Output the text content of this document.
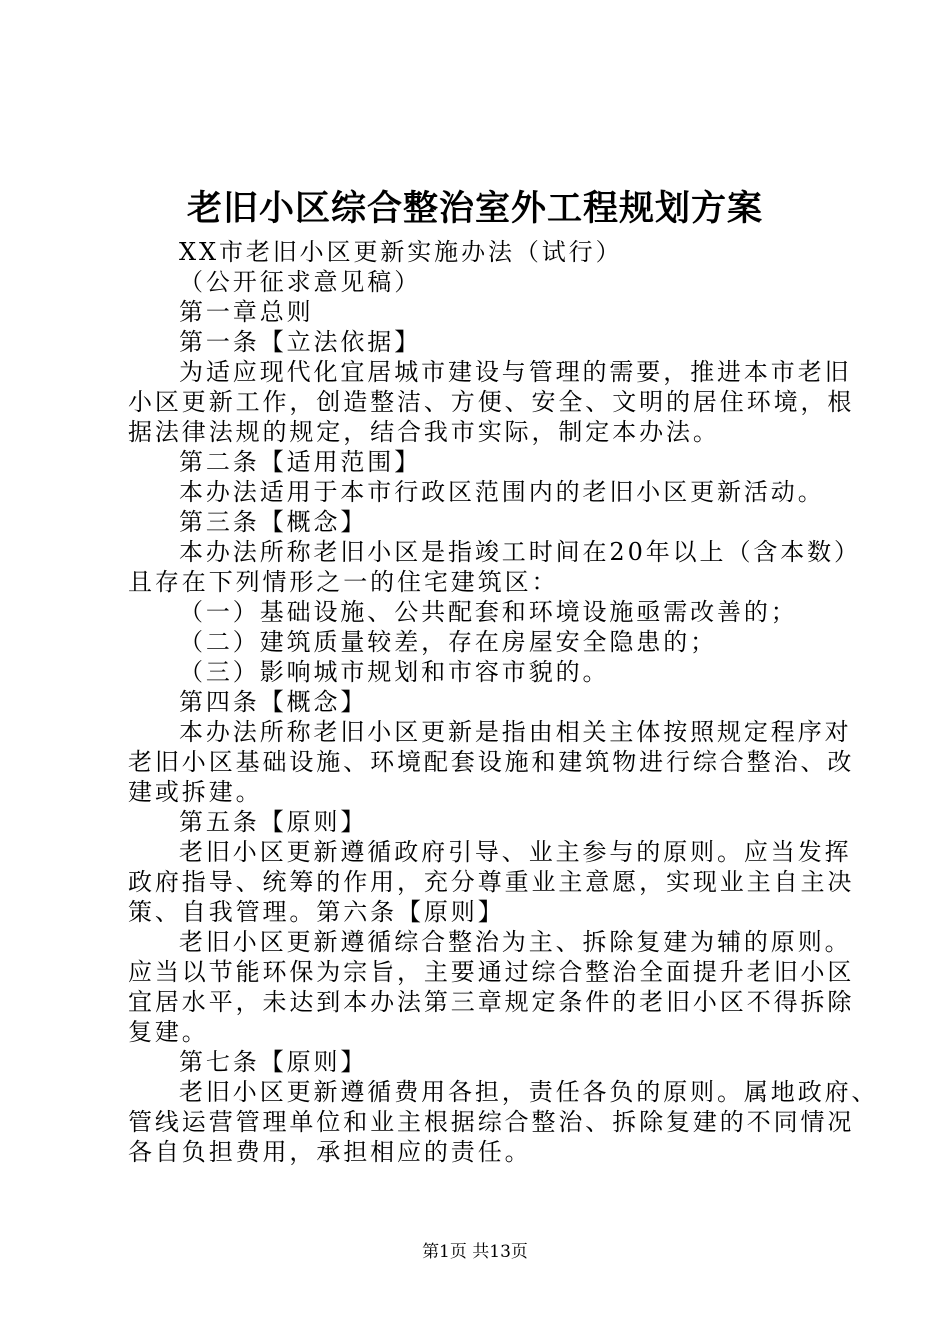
老旧小区综合整治室外工程规划方案
XX市老旧小区更新实施办法（试行）
（公开征求意见稿）
第一章总则
第一条【立法依据】
为适应现代化宜居城市建设与管理的需要，推进本市老旧
小区更新工作，创造整洁、方便、安全、文明的居住环境，根
据法律法规的规定，结合我市实际，制定本办法。
第二条【适用范围】
本办法适用于本市行政区范围内的老旧小区更新活动。
第三条【概念】
本办法所称老旧小区是指竣工时间在20年以上（含本数）
且存在下列情形之一的住宅建筑区：
（一）基础设施、公共配套和环境设施亟需改善的；
（二）建筑质量较差，存在房屋安全隐患的；
（三）影响城市规划和市容市貌的。
第四条【概念】
本办法所称老旧小区更新是指由相关主体按照规定程序对
老旧小区基础设施、环境配套设施和建筑物进行综合整治、改
建或拆建。
第五条【原则】
老旧小区更新遵循政府引导、业主参与的原则。应当发挥
政府指导、统筹的作用，充分尊重业主意愿，实现业主自主决
策、自我管理。第六条【原则】
老旧小区更新遵循综合整治为主、拆除复建为辅的原则。
应当以节能环保为宗旨，主要通过综合整治全面提升老旧小区
宜居水平，未达到本办法第三章规定条件的老旧小区不得拆除
复建。
第七条【原则】
老旧小区更新遵循费用各担，责任各负的原则。属地政府、
管线运营管理单位和业主根据综合整治、拆除复建的不同情况
各自负担费用，承担相应的责任。
第1页 共13页
